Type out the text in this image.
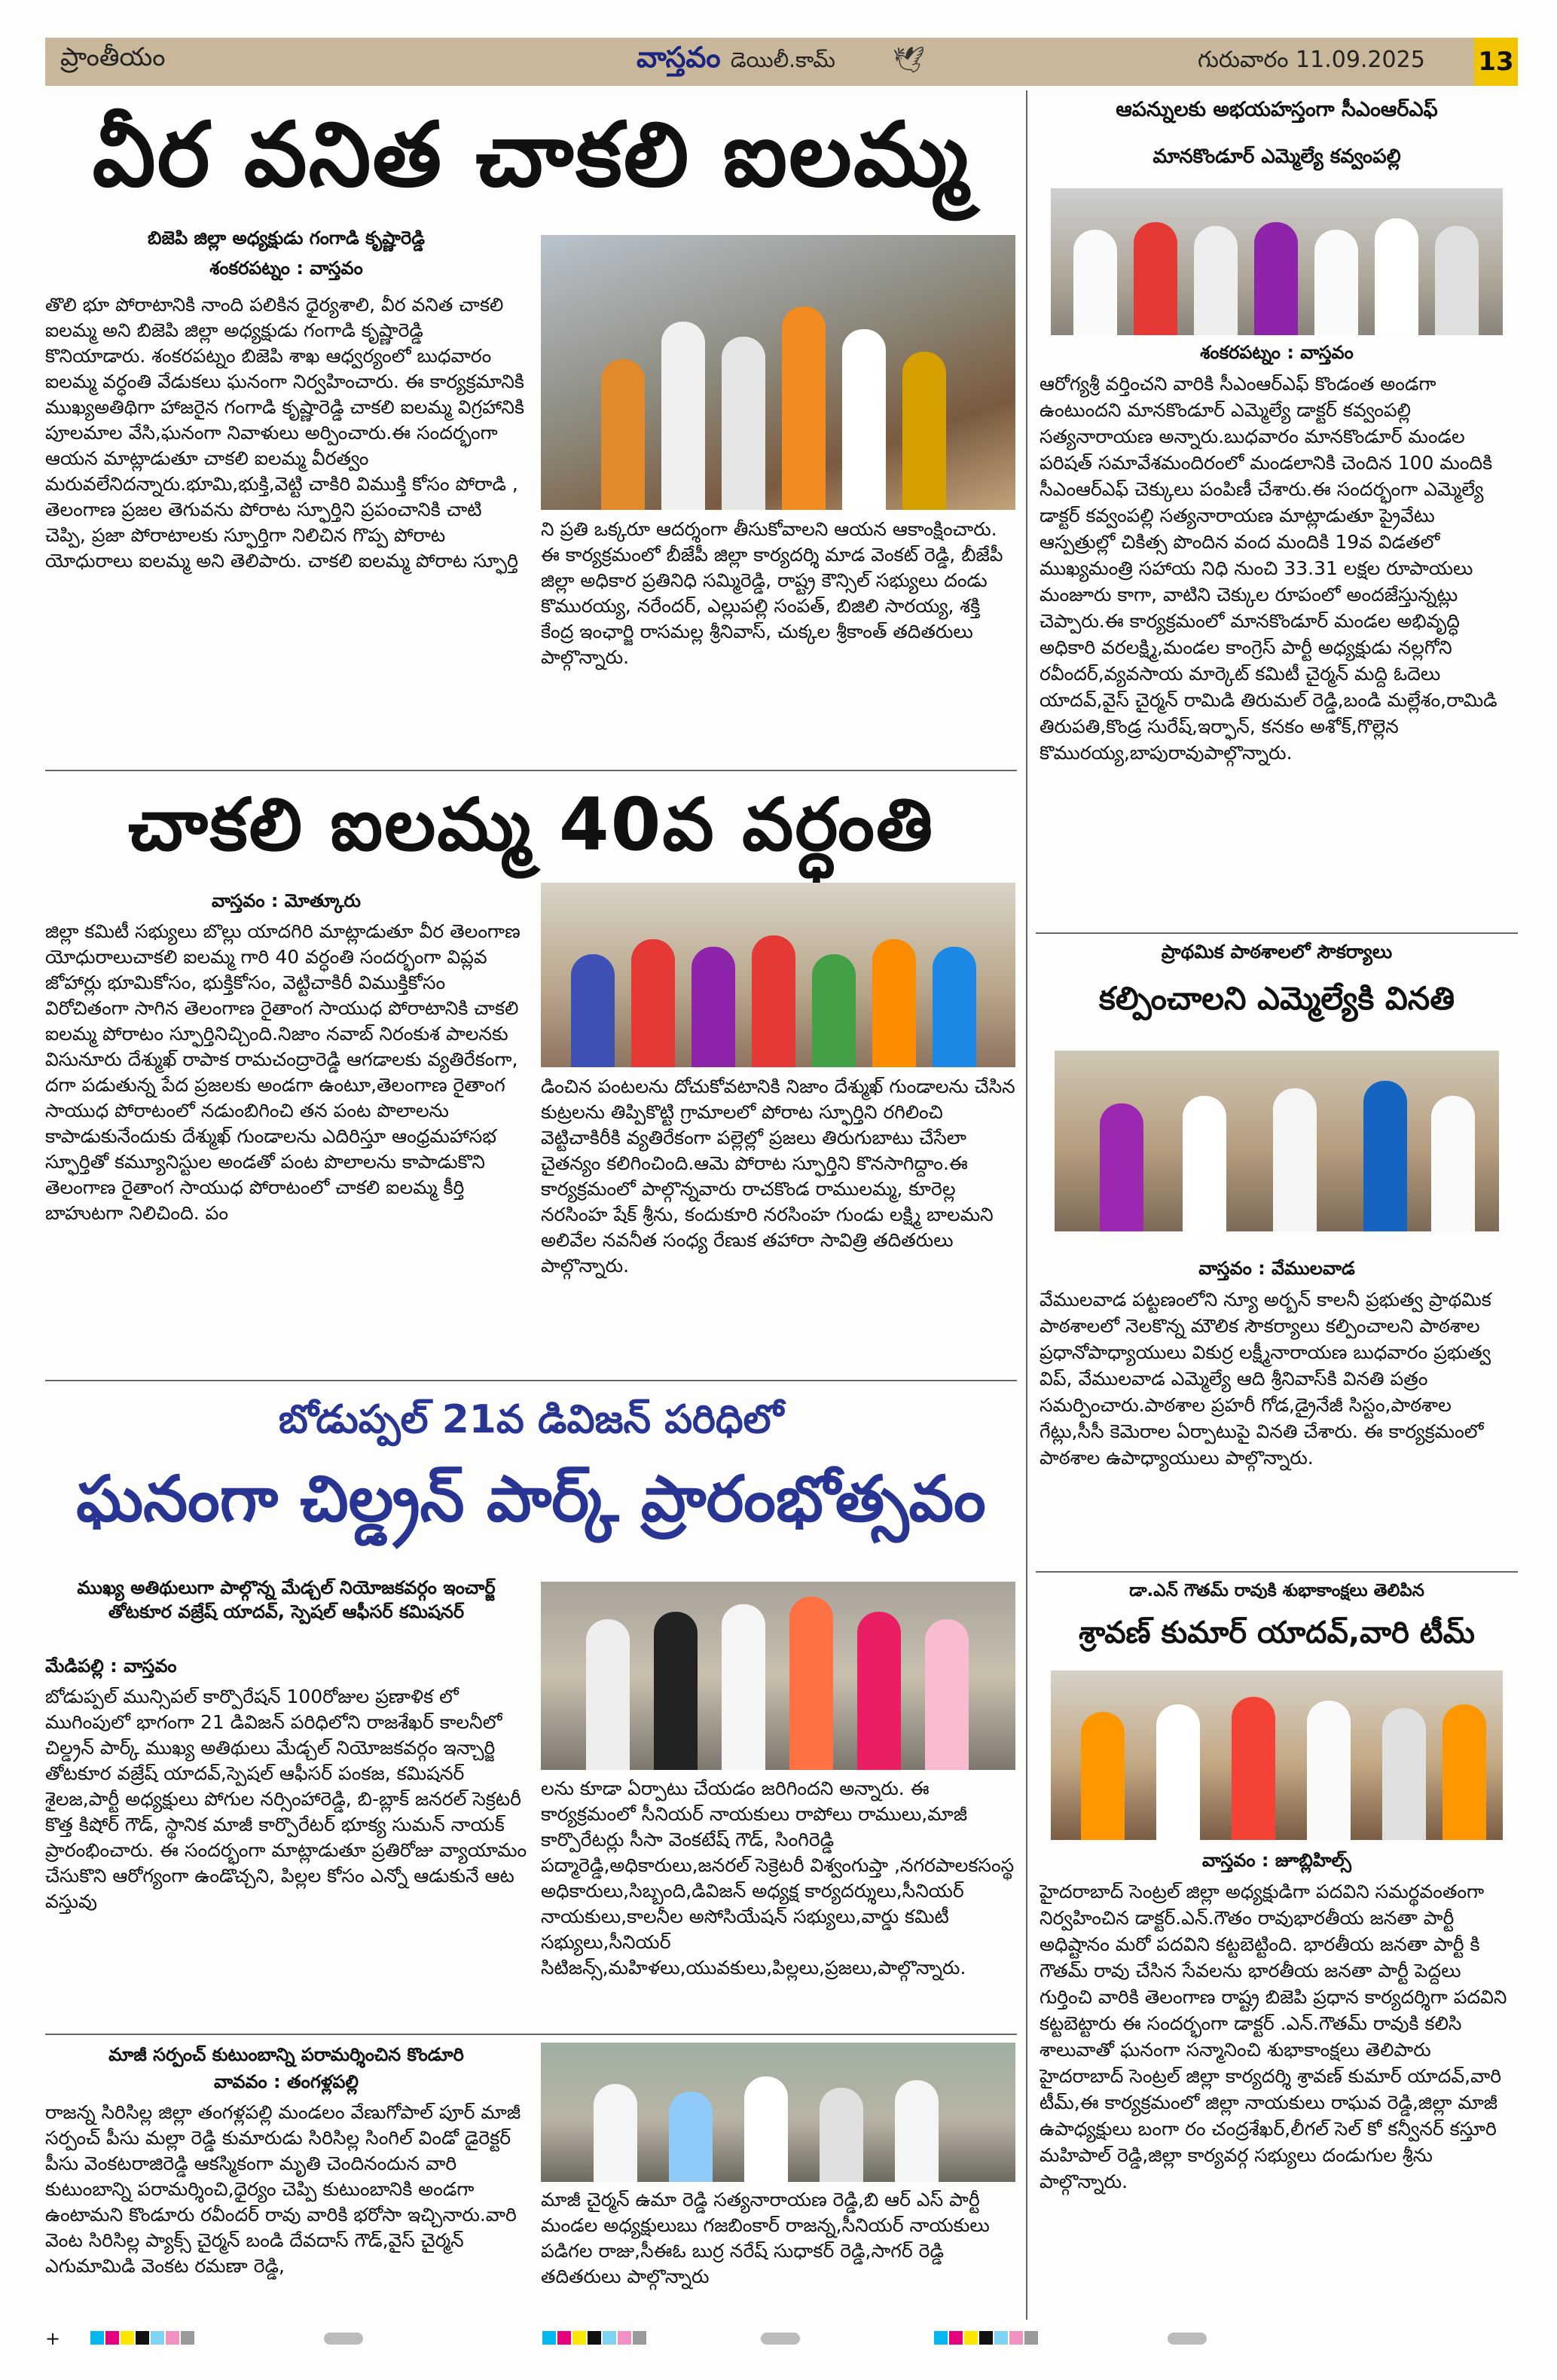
ప్రాంతీయం	వాస్తవం డెయిలీ.కామ్ 🕊	గురువారం 11.09.2025 13
వీర వనిత చాకలి ఐలమ్మ
బిజెపి జిల్లా అధ్యక్షుడు గంగాడి కృష్ణారెడ్డి
శంకరపట్నం : వాస్తవం
తొలి భూ పోరాటానికి నాంది పలికిన ధైర్యశాలి, వీర వనిత చాకలి ఐలమ్మ అని బిజెపి జిల్లా అధ్యక్షుడు గంగాడి కృష్ణారెడ్డి కొనియాడారు. శంకరపట్నం బిజెపి శాఖ ఆధ్వర్యంలో బుధవారం ఐలమ్మ వర్ధంతి వేడుకలు ఘనంగా నిర్వహించారు. ఈ కార్యక్రమానికి ముఖ్యఅతిథిగా హాజరైన గంగాడి కృష్ణారెడ్డి చాకలి ఐలమ్మ విగ్రహానికి పూలమాల వేసి,ఘనంగా నివాళులు అర్పించారు.ఈ సందర్భంగా ఆయన మాట్లాడుతూ చాకలి ఐలమ్మ వీరత్వం మరువలేనిదన్నారు.భూమి,భుక్తి,వెట్టి చాకిరి విముక్తి కోసం పోరాడి , తెలంగాణ ప్రజల తెగువను పోరాట స్ఫూర్తిని ప్రపంచానికి చాటి చెప్పి, ప్రజా పోరాటాలకు స్ఫూర్తిగా నిలిచిన గొప్ప పోరాట యోధురాలు ఐలమ్మ అని తెలిపారు. చాకలి ఐలమ్మ పోరాట స్ఫూర్తి
ని ప్రతి ఒక్కరూ ఆదర్శంగా తీసుకోవాలని ఆయన ఆకాంక్షించారు. ఈ కార్యక్రమంలో బీజేపీ జిల్లా కార్యదర్శి మాడ వెంకట్ రెడ్డి, బీజేపీ జిల్లా అధికార ప్రతినిధి సమ్మిరెడ్డి, రాష్ట్ర కౌన్సిల్ సభ్యులు దండు కొమురయ్య, నరేందర్, ఎల్లుపల్లి సంపత్, బిజిలి సారయ్య, శక్తి కేంద్ర ఇంఛార్జి రాసమల్ల శ్రీనివాస్, చుక్కల శ్రీకాంత్ తదితరులు పాల్గొన్నారు.
చాకలి ఐలమ్మ 40వ వర్ధంతి
వాస్తవం : మోత్కూరు
జిల్లా కమిటీ సభ్యులు బొల్లు యాదగిరి మాట్లాడుతూ వీర తెలంగాణ యోధురాలుచాకలి ఐలమ్మ గారి 40 వర్ధంతి సందర్భంగా విప్లవ జోహార్లు భూమికోసం, భుక్తికోసం, వెట్టిచాకిరీ విముక్తికోసం విరోచితంగా సాగిన తెలంగాణ రైతాంగ సాయుధ పోరాటానికి చాకలి ఐలమ్మ పోరాటం స్ఫూర్తినిచ్చింది.నిజాం నవాబ్ నిరంకుశ పాలనకు విసునూరు దేశ్ముఖ్ రాపాక రామచంద్రారెడ్డి ఆగడాలకు వ్యతిరేకంగా, దగా పడుతున్న పేద ప్రజలకు అండగా ఉంటూ,తెలంగాణ రైతాంగ సాయుధ పోరాటంలో నడుంబిగించి తన పంట పొలాలను కాపాడుకునేందుకు దేశ్ముఖ్ గుండాలను ఎదిరిస్తూ ఆంధ్రమహాసభ స్ఫూర్తితో కమ్యూనిస్టుల అండతో పంట పొలాలను కాపాడుకొని తెలంగాణ రైతాంగ సాయుధ పోరాటంలో చాకలి ఐలమ్మ కీర్తి బాహుటగా నిలిచింది. పం
డించిన పంటలను దోచుకోవటానికి నిజాం దేశ్ముఖ్ గుండాలను చేసిన కుట్రలను తిప్పికొట్టి గ్రామాలలో పోరాట స్ఫూర్తిని రగిలించి వెట్టిచాకిరీకి వ్యతిరేకంగా పల్లెల్లో ప్రజలు తిరుగుబాటు చేసేలా చైతన్యం కలిగించింది.ఆమె పోరాట స్ఫూర్తిని కొనసాగిద్దాం.ఈ కార్యక్రమంలో పాల్గొన్నవారు రాచకొండ రాములమ్మ, కూరెల్ల నరసింహ షేక్ శ్రీను, కందుకూరి నరసింహ గుండు లక్ష్మి బాలమని అలివేల నవనీత సంధ్య రేణుక తహారా సావిత్రి తదితరులు పాల్గొన్నారు.
బోడుప్పల్ 21వ డివిజన్ పరిధిలో
ఘనంగా చిల్డ్రన్ పార్క్ ప్రారంభోత్సవం
ముఖ్య అతిథులుగా పాల్గొన్న మేడ్చల్ నియోజకవర్గం ఇంచార్జ్ తోటకూర వజ్రేష్ యాదవ్, స్పెషల్ ఆఫీసర్ కమిషనర్
మేడిపల్లి : వాస్తవం
బోడుప్పల్ మున్సిపల్ కార్పొరేషన్ 100రోజుల ప్రణాళిక లో ముగింపులో భాగంగా 21 డివిజన్ పరిధిలోని రాజశేఖర్ కాలనీలో చిల్డ్రన్ పార్క్ ముఖ్య అతిథులు మేడ్చల్ నియోజకవర్గం ఇన్చార్జి తోటకూర వజ్రేష్ యాదవ్,స్పెషల్ ఆఫీసర్ పంకజ, కమిషనర్ శైలజ,పార్టీ అధ్యక్షులు పోగుల నర్సింహారెడ్డి, బి-బ్లాక్ జనరల్ సెక్రటరీ కొత్త కిషోర్ గౌడ్, స్థానిక మాజీ కార్పొరేటర్ భూక్య సుమన్ నాయక్ ప్రారంభించారు. ఈ సందర్భంగా మాట్లాడుతూ ప్రతిరోజు వ్యాయామం చేసుకొని ఆరోగ్యంగా ఉండొచ్చని, పిల్లల కోసం ఎన్నో ఆడుకునే ఆట వస్తువు
లను కూడా ఏర్పాటు చేయడం జరిగిందని అన్నారు. ఈ కార్యక్రమంలో సీనియర్ నాయకులు రాపోలు రాములు,మాజీ కార్పొరేటర్లు సీసా వెంకటేష్ గౌడ్, సింగిరెడ్డి పద్మారెడ్డి,అధికారులు,జనరల్ సెక్రెటరీ విశ్వంగుప్తా ,నగరపాలకసంస్థ అధికారులు,సిబ్బంది,డివిజన్ అధ్యక్ష కార్యదర్శులు,సీనియర్ నాయకులు,కాలనీల అసోసియేషన్ సభ్యులు,వార్డు కమిటీ సభ్యులు,సీనియర్ సిటిజన్స్,మహిళలు,యువకులు,పిల్లలు,ప్రజలు,పాల్గొన్నారు.
మాజీ సర్పంచ్ కుటుంబాన్ని పరామర్శించిన కొండూరి
వావవం : తంగళ్లపల్లి
రాజన్న సిరిసిల్ల జిల్లా తంగళ్లపల్లి మండలం వేణుగోపాల్ పూర్ మాజీ సర్పంచ్ పీసు మల్లా రెడ్డి కుమారుడు సిరిసిల్ల సింగిల్ విండో డైరెక్టర్ పీసు వెంకటరాజిరెడ్డి ఆకస్మికంగా మృతి చెందినందున వారి కుటుంబాన్ని పరామర్శించి,ధైర్యం చెప్పి కుటుంబానికి అండగా ఉంటామని కొండూరు రవీందర్ రావు వారికి భరోసా ఇచ్చినారు.వారి వెంట సిరిసిల్ల ప్యాక్స్ చైర్మన్ బండి దేవదాస్ గౌడ్,వైస్ చైర్మన్ ఎగుమామిడి వెంకట రమణా రెడ్డి,
మాజీ చైర్మన్ ఉమా రెడ్డి సత్యనారాయణ రెడ్డి,బి ఆర్ ఎస్ పార్టీ మండల అధ్యక్షులుబు గజబింకార్ రాజన్న,సీనియర్ నాయకులు పడిగల రాజు,సీఈఓ బుర్ర నరేష్ సుధాకర్ రెడ్డి,సాగర్ రెడ్డి తదితరులు పాల్గొన్నారు
ఆపన్నులకు అభయహస్తంగా సీఎంఆర్ఎఫ్
మానకొండూర్ ఎమ్మెల్యే కవ్వంపల్లి
శంకరపట్నం : వాస్తవం
ఆరోగ్యశ్రీ వర్తించని వారికి సీఎంఆర్ఎఫ్ కొండంత అండగా ఉంటుందని మానకొండూర్ ఎమ్మెల్యే డాక్టర్ కవ్వంపల్లి సత్యనారాయణ అన్నారు.బుధవారం మానకొండూర్ మండల పరిషత్ సమావేశమందిరంలో మండలానికి చెందిన 100 మందికి సీఎంఆర్ఎఫ్ చెక్కులు పంపిణీ చేశారు.ఈ సందర్భంగా ఎమ్మెల్యే డాక్టర్ కవ్వంపల్లి సత్యనారాయణ మాట్లాడుతూ ప్రైవేటు ఆస్పత్రుల్లో చికిత్స పొందిన వంద మందికి 19వ విడతలో ముఖ్యమంత్రి సహాయ నిధి నుంచి 33.31 లక్షల రూపాయలు మంజూరు కాగా, వాటిని చెక్కుల రూపంలో అందజేస్తున్నట్లు చెప్పారు.ఈ కార్యక్రమంలో మానకొండూర్ మండల అభివృద్ధి అధికారి వరలక్ష్మి,మండల కాంగ్రెస్ పార్టీ అధ్యక్షుడు నల్లగోని రవీందర్,వ్యవసాయ మార్కెట్ కమిటీ చైర్మన్ మద్ది ఓదెలు యాదవ్,వైస్ చైర్మన్ రామిడి తిరుమల్ రెడ్డి,బండి మల్లేశం,రామిడి తిరుపతి,కొండ్ర సురేష్,ఇర్ఫాన్, కనకం అశోక్,గొల్లెన కొమురయ్య,బాపురావుపాల్గొన్నారు.
ప్రాథమిక పాఠశాలలో సౌకర్యాలు
కల్పించాలని ఎమ్మెల్యేకి వినతి
వాస్తవం : వేములవాడ
వేములవాడ పట్టణంలోని న్యూ అర్బన్ కాలనీ ప్రభుత్వ ప్రాథమిక పాఠశాలలో నెలకొన్న మౌలిక సౌకర్యాలు కల్పించాలని పాఠశాల ప్రధానోపాధ్యాయులు వికుర్ర లక్ష్మీనారాయణ బుధవారం ప్రభుత్వ విప్, వేములవాడ ఎమ్మెల్యే ఆది శ్రీనివాస్‌కి వినతి పత్రం సమర్పించారు.పాఠశాల ప్రహరీ గోడ,డ్రైనేజీ సిస్టం,పాఠశాల గేట్లు,సీసీ కెమెరాల ఏర్పాటుపై వినతి చేశారు. ఈ కార్యక్రమంలో పాఠశాల ఉపాధ్యాయులు పాల్గొన్నారు.
డా.ఎన్ గౌతమ్ రావుకి శుభాకాంక్షలు తెలిపిన
శ్రావణ్ కుమార్ యాదవ్,వారి టీమ్
వాస్తవం : జూబ్లిహిల్స్
హైదరాబాద్ సెంట్రల్ జిల్లా అధ్యక్షుడిగా పదవిని సమర్థవంతంగా నిర్వహించిన డాక్టర్.ఎన్.గౌతం రావుభారతీయ జనతా పార్టీ అధిష్టానం మరో పదవిని కట్టబెట్టింది. భారతీయ జనతా పార్టీ కి గౌతమ్ రావు చేసిన సేవలను భారతీయ జనతా పార్టీ పెద్దలు గుర్తించి వారికి తెలంగాణ రాష్ట్ర బిజెపి ప్రధాన కార్యదర్శిగా పదవిని కట్టబెట్టారు ఈ సందర్భంగా డాక్టర్ .ఎన్.గౌతమ్ రావుకి కలిసి శాలువాతో ఘనంగా సన్మానించి శుభాకాంక్షలు తెలిపారు హైదరాబాద్ సెంట్రల్ జిల్లా కార్యదర్శి శ్రావణ్ కుమార్ యాదవ్,వారి టీమ్,ఈ కార్యక్రమంలో జిల్లా నాయకులు రాఘవ రెడ్డి,జిల్లా మాజీ ఉపాధ్యక్షులు బంగా రం చంద్రశేఖర్,లీగల్ సెల్ కో కన్వీనర్ కస్తూరి మహిపాల్ రెడ్డి,జిల్లా కార్యవర్గ సభ్యులు దండుగుల శ్రీను పాల్గొన్నారు.
+
